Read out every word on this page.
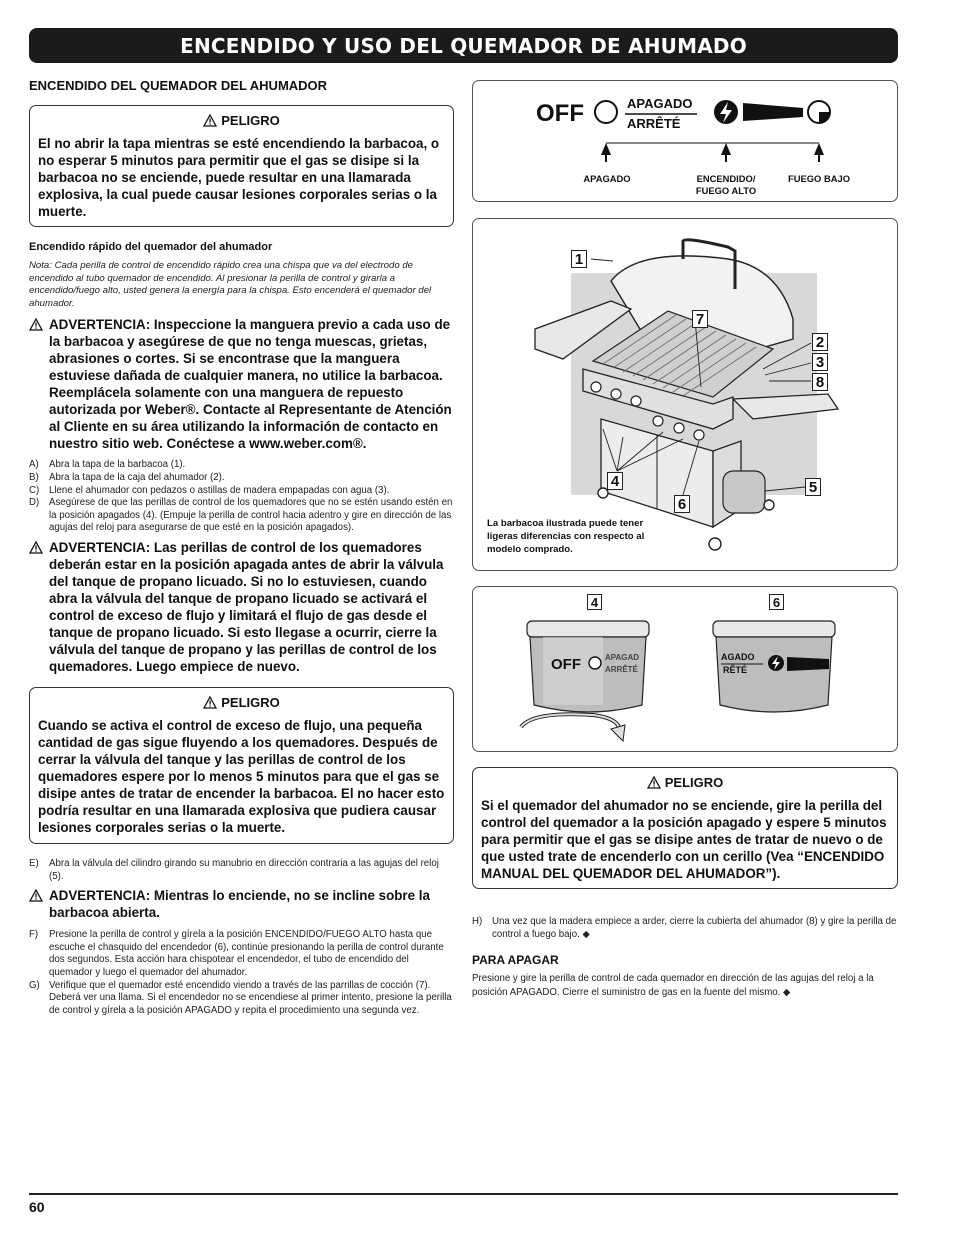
ENCENDIDO Y USO DEL QUEMADOR DE AHUMADO
ENCENDIDO DEL QUEMADOR DEL AHUMADOR
PELIGRO
El no abrir la tapa mientras se esté encendiendo la barbacoa, o no esperar 5 minutos para permitir que el gas se disipe si la barbacoa no se enciende, puede resultar en una llamarada explosiva, la cual puede causar lesiones corporales serias o la muerte.
Encendido rápido del quemador del ahumador
Nota: Cada perilla de control de encendido rápido crea una chispa que va del electrodo de encendido al tubo quemador de encendido. Al presionar la perilla de control y girarla a encendido/fuego alto, usted genera la energía para la chispa. Esto encenderá el quemador del ahumador.
ADVERTENCIA: Inspeccione la manguera previo a cada uso de la barbacoa y asegúrese de que no tenga muescas, grietas, abrasiones o cortes. Si se encontrase que la manguera estuviese dañada de cualquier manera, no utilice la barbacoa. Reemplácela solamente con una manguera de repuesto autorizada por Weber®. Contacte al Representante de Atención al Cliente en su área utilizando la información de contacto en nuestro sitio web. Conéctese a www.weber.com®.
A)	Abra la tapa de la barbacoa (1).
B)	Abra la tapa de la caja del ahumador (2).
C)	Llene el ahumador con pedazos o astillas de madera empapadas con agua (3).
D)	Asegúrese de que las perillas de control de los quemadores que no se estén usando estén en la posición apagados (4). (Empuje la perilla de control hacia adentro y gire en dirección de las agujas del reloj para asegurarse de que esté en la posición apagados).
ADVERTENCIA: Las perillas de control de los quemadores deberán estar en la posición apagada antes de abrir la válvula del tanque de propano licuado. Si no lo estuviesen, cuando abra la válvula del tanque de propano licuado se activará el control de exceso de flujo y limitará el flujo de gas desde el tanque de propano licuado. Si esto llegase a ocurrir, cierre la válvula del tanque de propano y las perillas de control de los quemadores. Luego empiece de nuevo.
PELIGRO
Cuando se activa el control de exceso de flujo, una pequeña cantidad de gas sigue fluyendo a los quemadores. Después de cerrar la válvula del tanque y las perillas de control de los quemadores espere por lo menos 5 minutos para que el gas se disipe antes de tratar de encender la barbacoa. El no hacer esto podría resultar en una llamarada explosiva que pudiera causar lesiones corporales serias o la muerte.
E)	Abra la válvula del cilindro girando su manubrio en dirección contraria a las agujas del reloj (5).
ADVERTENCIA: Mientras lo enciende, no se incline sobre la barbacoa abierta.
F)	Presione la perilla de control y gírela a la posición ENCENDIDO/FUEGO ALTO hasta que escuche el chasquido del encendedor (6), continúe presionando la perilla de control durante dos segundos. Esta acción hara chispotear el encendedor, el tubo de encendido del quemador y luego el quemador del ahumador.
G) Verifique que el quemador esté encendido viendo a través de las parrillas de cocción (7). Deberá ver una llama. Si el encendedor no se encendiese al primer intento, presione la perilla de control y gírela a la posición APAGADO y repita el procedimiento una segunda vez.
OFF	APAGADO
ARRÊTÉ
APAGADO	ENCENDIDO/
FUEGO ALTO
FUEGO BAJO
1
7
2
3
8
4
6
5
La barbacoa ilustrada puede tener ligeras diferencias con respecto al modelo comprado.
OFF	APAGAD
ARRÊTÉ
AGADO
RÊTÉ
4	6
PELIGRO
Si el quemador del ahumador no se enciende, gire la perilla del control del quemador a la posición apagado y espere 5 minutos para permitir que el gas se disipe antes de tratar de nuevo o de que usted trate de encenderlo con un cerillo (Vea “ENCENDIDO MANUAL DEL QUEMADOR DEL AHUMADOR”).
H)	Una vez que la madera empiece a arder, cierre la cubierta del ahumador (8) y gire la perilla de control a fuego bajo. ◆
PARA APAGAR
Presione y gire la perilla de control de cada quemador en dirección de las agujas del reloj a la posición APAGADO. Cierre el suministro de gas en la fuente del mismo. ◆
60
